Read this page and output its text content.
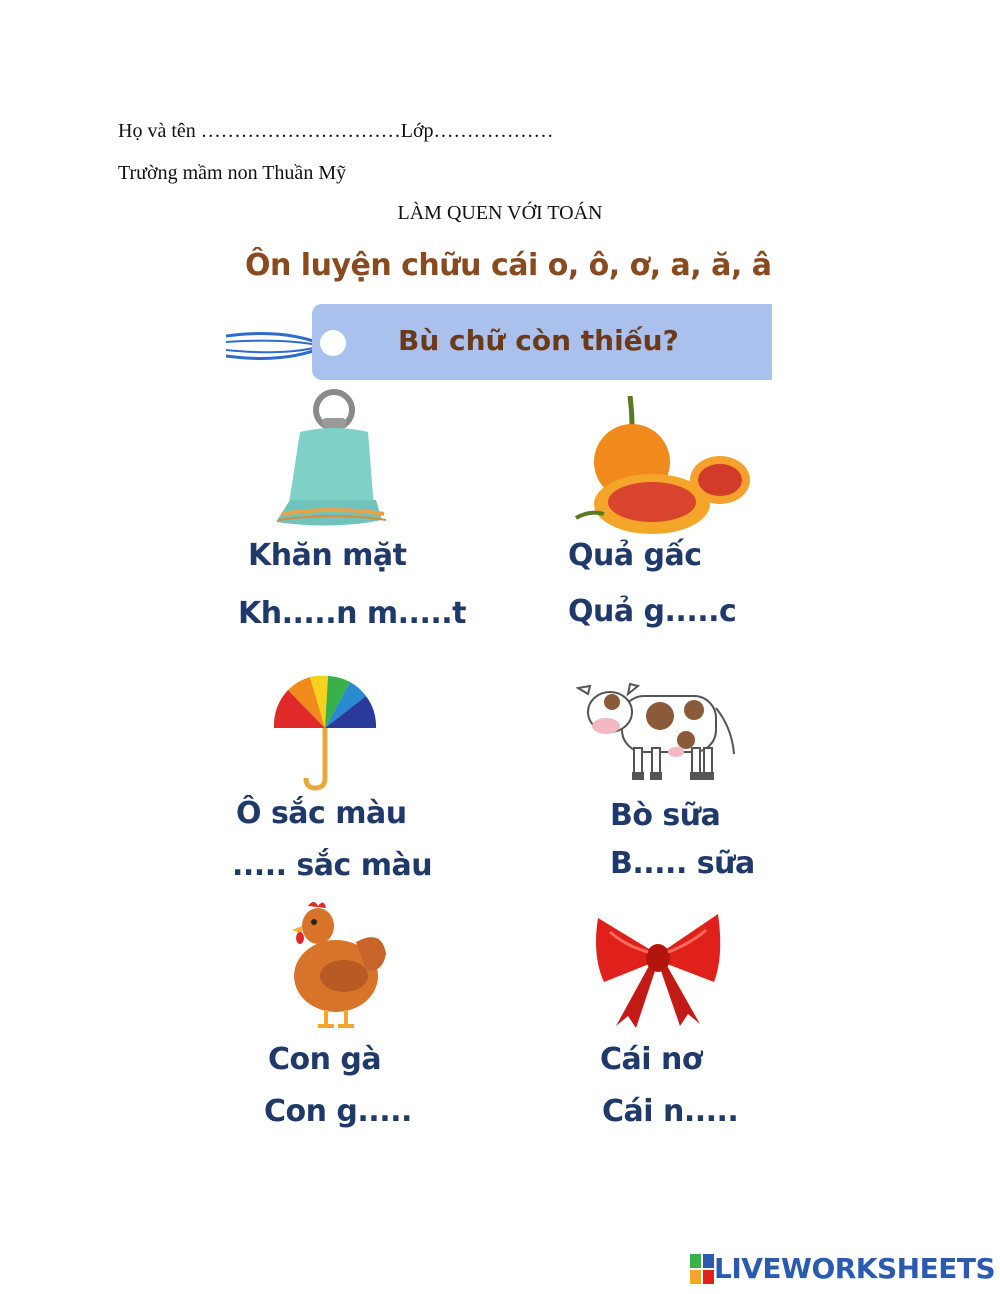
Họ và tên …………………………Lớp………………
Trường mầm non Thuần Mỹ
LÀM QUEN VỚI TOÁN
Ôn luyện chữu cái o, ô, ơ, a, ă, â
Bù chữ còn thiếu?
Khăn mặt
Kh.....n m.....t
Quả gấc
Quả g.....c
Ô sắc màu
..... sắc màu
Bò sữa
B..... sữa
Con gà
Con g.....
Cái nơ
Cái n.....
LIVEWORKSHEETS
